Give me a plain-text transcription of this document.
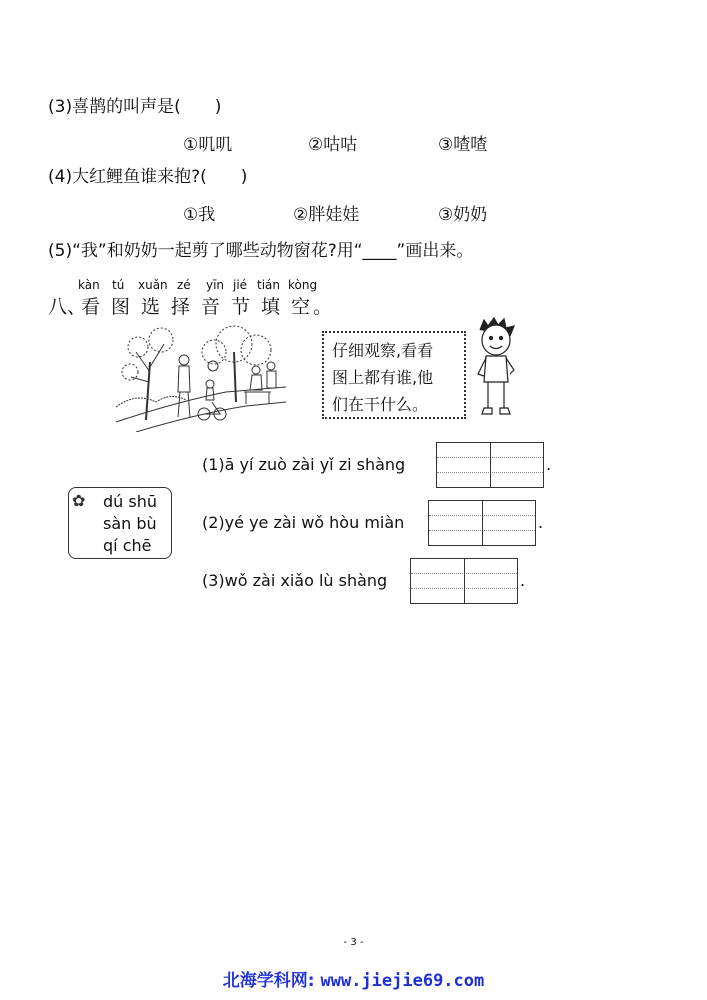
(3)喜鹊的叫声是(　　)
①叽叽	②咕咕	③喳喳
(4)大红鲤鱼谁来抱?(　　)
①我	②胖娃娃	③奶奶
(5)“我”和奶奶一起剪了哪些动物窗花?用“____”画出来。
kàn tú xuǎn zé yīn jié tián kòng
八、
看 图 选 择 音 节 填 空 。
仔细观察,看看
图上都有谁,他
们在干什么。
✿ dú shū
sàn bù
qí chē
(1)ā yí zuò zài yǐ zi shàng	.
(2)yé ye zài wǒ hòu miàn	.
(3)wǒ zài xiǎo lù shàng	.
- 3 -
北海学科网: www.jiejie69.com
